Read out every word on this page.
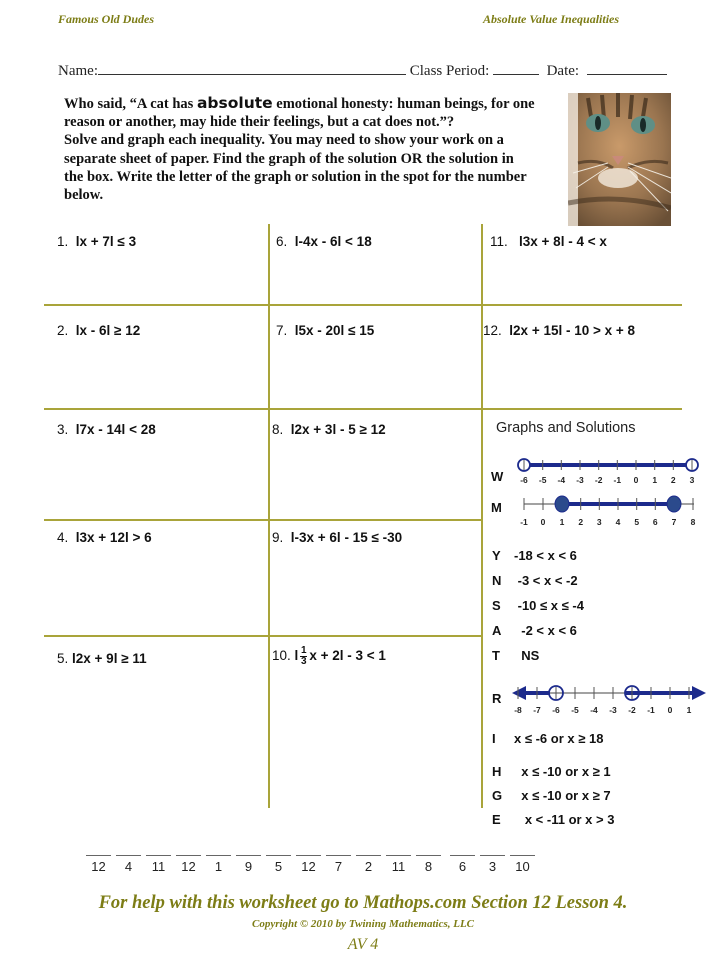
Famous Old Dudes	Absolute Value Inequalities
Name:	Class Period:	Date:
Who said, “A cat has absolute emotional honesty: human beings, for one
reason or another, may hide their feelings, but a cat does not.”?
Solve and graph each inequality. You may need to show your work on a
separate sheet of paper. Find the graph of the solution OR the solution in
the box. Write the letter of the graph or solution in the spot for the number
below.
1. lx + 7l ≤ 3
2. lx - 6l ≥ 12
3. l7x - 14l < 28
4. l3x + 12l > 6
5. l2x + 9l ≥ 11
6. l-4x - 6l < 18
7. l5x - 20l ≤ 15
8. l2x + 3l - 5 ≥ 12
9. l-3x + 6l - 15 ≤ -30
10. l $\frac{1}{3}$ x + 2l - 3 < 1
11. l3x + 8l - 4 < x
12. l2x + 15l - 10 > x + 8
Graphs and Solutions
W -6 -5 -4 -3 -2 -1 0 1 2 3
M
-1 0 1 2 3 4 5 6 7 8
Y -18 < x < 6
N -3 < x < -2
S -10 ≤ x ≤ -4
A -2 < x < 6
T NS
R
-8 -7 -6 -5 -4 -3 -2 -1 0 1
I x ≤ -6 or x ≥ 18
H x ≤ -10 or x ≥ 1
G x ≤ -10 or x ≥ 7
E x < -11 or x > 3
12 4 11 12 1 9 5 12 7 2 11 8 6 3 10
For help with this worksheet go to Mathops.com Section 12 Lesson 4.
Copyright © 2010 by Twining Mathematics, LLC
AV 4
